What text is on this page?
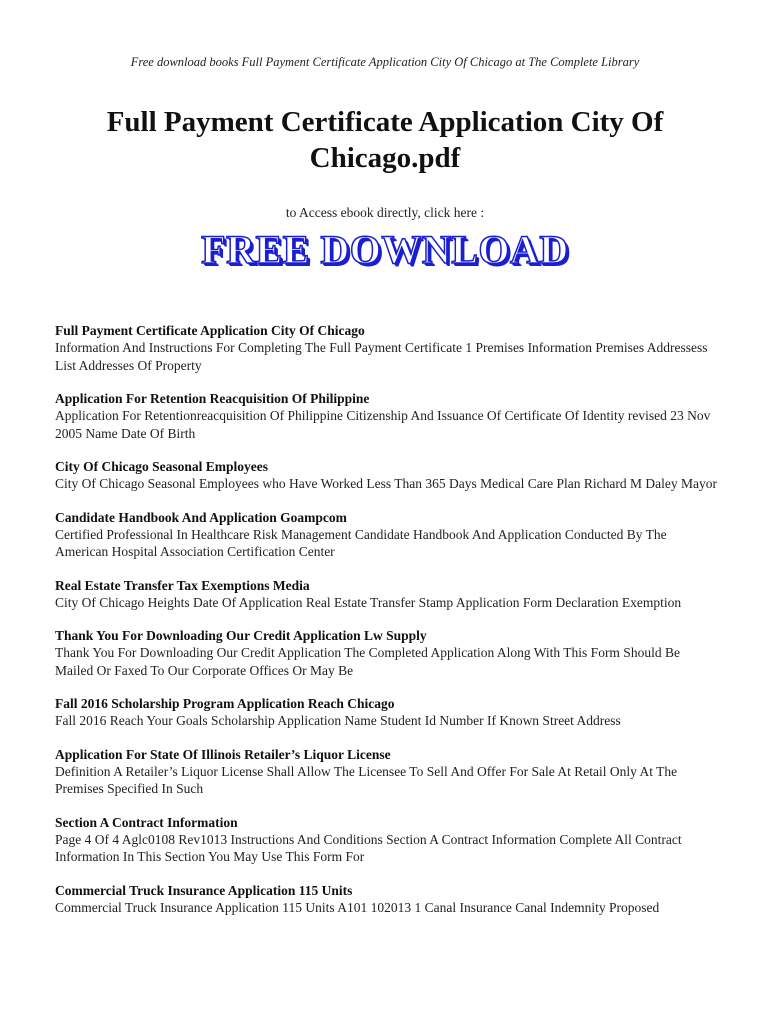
Free download books Full Payment Certificate Application City Of Chicago at The Complete Library
Full Payment Certificate Application City Of Chicago.pdf
to Access ebook directly, click here :
FREE DOWNLOAD
Full Payment Certificate Application City Of Chicago
Information And Instructions For Completing The Full Payment Certificate 1 Premises Information Premises Addressess List Addresses Of Property
Application For Retention Reacquisition Of Philippine
Application For Retentionreacquisition Of Philippine Citizenship And Issuance Of Certificate Of Identity revised 23 Nov 2005 Name Date Of Birth
City Of Chicago Seasonal Employees
City Of Chicago Seasonal Employees who Have Worked Less Than 365 Days Medical Care Plan Richard M Daley Mayor
Candidate Handbook And Application Goampcom
Certified Professional In Healthcare Risk Management Candidate Handbook And Application Conducted By The American Hospital Association Certification Center
Real Estate Transfer Tax Exemptions Media
City Of Chicago Heights Date Of Application Real Estate Transfer Stamp Application Form Declaration Exemption
Thank You For Downloading Our Credit Application Lw Supply
Thank You For Downloading Our Credit Application The Completed Application Along With This Form Should Be Mailed Or Faxed To Our Corporate Offices Or May Be
Fall 2016 Scholarship Program Application Reach Chicago
Fall 2016 Reach Your Goals Scholarship Application Name Student Id Number If Known Street Address
Application For State Of Illinois Retailer’s Liquor License
Definition A Retailer’s Liquor License Shall Allow The Licensee To Sell And Offer For Sale At Retail Only At The Premises Specified In Such
Section A Contract Information
Page 4 Of 4 Aglc0108 Rev1013 Instructions And Conditions Section A Contract Information Complete All Contract Information In This Section You May Use This Form For
Commercial Truck Insurance Application 115 Units
Commercial Truck Insurance Application 115 Units A101 102013 1 Canal Insurance Canal Indemnity Proposed
